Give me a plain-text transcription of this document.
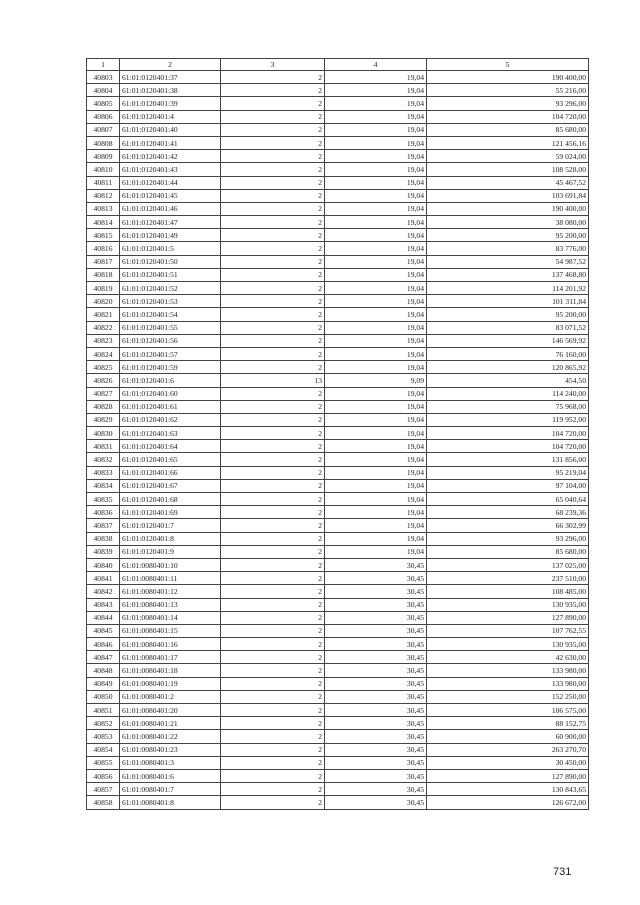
1	2	3	4	5
40803	61:01:0120401:37	2	19,04	190 400,00
40804	61:01:0120401:38	2	19,04	55 216,00
40805	61:01:0120401:39	2	19,04	93 296,00
40806	61:01:0120401:4	2	19,04	104 720,00
40807	61:01:0120401:40	2	19,04	85 680,00
40808	61:01:0120401:41	2	19,04	121 456,16
40809	61:01:0120401:42	2	19,04	59 024,00
40810	61:01:0120401:43	2	19,04	108 528,00
40811	61:01:0120401:44	2	19,04	45 467,52
40812	61:01:0120401:45	2	19,04	103 691,84
40813	61:01:0120401:46	2	19,04	190 400,00
40814	61:01:0120401:47	2	19,04	38 080,00
40815	61:01:0120401:49	2	19,04	95 200,00
40816	61:01:0120401:5	2	19,04	83 776,00
40817	61:01:0120401:50	2	19,04	54 987,52
40818	61:01:0120401:51	2	19,04	137 468,80
40819	61:01:0120401:52	2	19,04	114 201,92
40820	61:01:0120401:53	2	19,04	101 311,84
40821	61:01:0120401:54	2	19,04	95 200,00
40822	61:01:0120401:55	2	19,04	83 071,52
40823	61:01:0120401:56	2	19,04	146 569,92
40824	61:01:0120401:57	2	19,04	76 160,00
40825	61:01:0120401:59	2	19,04	120 865,92
40826	61:01:0120401:6	13	9,09	454,50
40827	61:01:0120401:60	2	19,04	114 240,00
40828	61:01:0120401:61	2	19,04	75 968,00
40829	61:01:0120401:62	2	19,04	119 952,00
40830	61:01:0120401:63	2	19,04	104 720,00
40831	61:01:0120401:64	2	19,04	104 720,00
40832	61:01:0120401:65	2	19,04	131 856,00
40833	61:01:0120401:66	2	19,04	95 219,04
40834	61:01:0120401:67	2	19,04	97 104,00
40835	61:01:0120401:68	2	19,04	65 040,64
40836	61:01:0120401:69	2	19,04	68 239,36
40837	61:01:0120401:7	2	19,04	66 302,99
40838	61:01:0120401:8	2	19,04	93 296,00
40839	61:01:0120401:9	2	19,04	85 680,00
40840	61:01:0080401:10	2	30,45	137 025,00
40841	61:01:0080401:11	2	30,45	237 510,00
40842	61:01:0080401:12	2	30,45	108 485,00
40843	61:01:0080401:13	2	30,45	130 935,00
40844	61:01:0080401:14	2	30,45	127 890,00
40845	61:01:0080401:15	2	30,45	107 762,55
40846	61:01:0080401:16	2	30,45	130 935,00
40847	61:01:0080401:17	2	30,45	42 630,00
40848	61:01:0080401:18	2	30,45	133 980,00
40849	61:01:0080401:19	2	30,45	133 980,00
40850	61:01:0080401:2	2	30,45	152 250,00
40851	61:01:0080401:20	2	30,45	106 575,00
40852	61:01:0080401:21	2	30,45	88 152,75
40853	61:01:0080401:22	2	30,45	60 900,00
40854	61:01:0080401:23	2	30,45	263 270,70
40855	61:01:0080401:3	2	30,45	30 450,00
40856	61:01:0080401:6	2	30,45	127 890,00
40857	61:01:0080401:7	2	30,45	130 843,65
40858	61:01:0080401:8	2	30,45	126 672,00
731
